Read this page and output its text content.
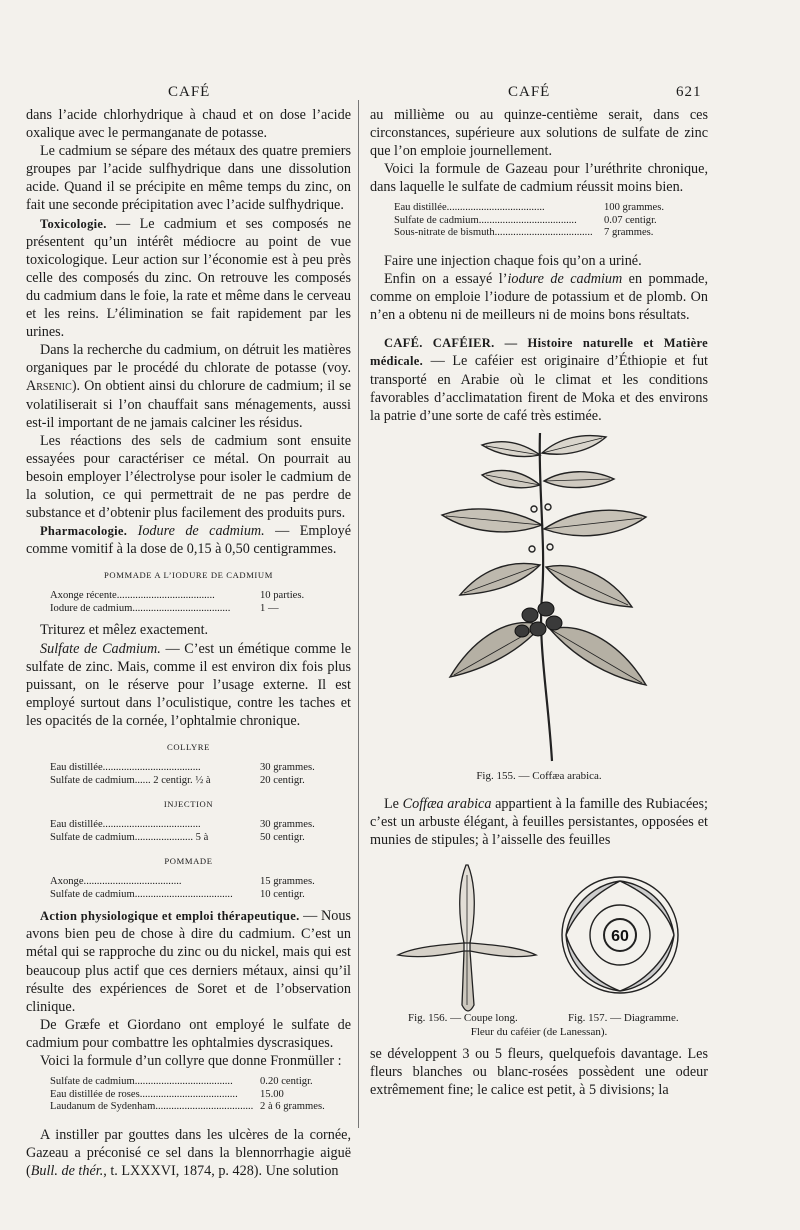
CAFÉ	CAFÉ	621

dans l’acide chlorhydrique à chaud et on dose l’acide oxalique avec le permanganate de potasse.

Le cadmium se sépare des métaux des quatre premiers groupes par l’acide sulfhydrique dans une dissolution acide. Quand il se précipite en même temps du zinc, on fait une seconde précipitation avec l’acide sulfhydrique.

Toxicologie. — Le cadmium et ses composés ne présentent qu’un intérêt médiocre au point de vue toxicologique. Leur action sur l’économie est à peu près celle des composés du zinc. On retrouve les composés du cadmium dans le foie, la rate et même dans le cerveau et les reins. L’élimination se fait rapidement par les urines.

Dans la recherche du cadmium, on détruit les matières organiques par le procédé du chlorate de potasse (voy. Arsenic). On obtient ainsi du chlorure de cadmium; il se volatiliserait si l’on chauffait sans ménagements, aussi est-il important de ne jamais calciner les résidus.

Les réactions des sels de cadmium sont ensuite essayées pour caractériser ce métal. On pourrait au besoin employer l’électrolyse pour isoler le cadmium de la solution, ce qui permettrait de ne pas perdre de substance et d’obtenir plus facilement des produits purs.

Pharmacologie. Iodure de cadmium. — Employé comme vomitif à la dose de 0,15 à 0,50 centigrammes.

POMMADE A L’IODURE DE CADMIUM
Axonge récente.....................................	10 parties.
Iodure de cadmium.....................................	1 —

Triturez et mêlez exactement.

Sulfate de Cadmium. — C’est un émétique comme le sulfate de zinc. Mais, comme il est environ dix fois plus puissant, on le réserve pour l’usage externe. Il est employé surtout dans l’oculistique, contre les taches et les opacités de la cornée, l’ophtalmie chronique.

COLLYRE
Eau distillée.....................................	30 grammes.
Sulfate de cadmium...... 2 centigr. ½ à	20 centigr.
INJECTION
Eau distillée.....................................	30 grammes.
Sulfate de cadmium...................... 5 à	50 centigr.
POMMADE
Axonge.....................................	15 grammes.
Sulfate de cadmium.....................................	10 centigr.

Action physiologique et emploi thérapeutique. — Nous avons bien peu de chose à dire du cadmium. C’est un métal qui se rapproche du zinc ou du nickel, mais qui est beaucoup plus actif que ces derniers métaux, ainsi qu’il résulte des expériences de Soret et de l’observation clinique.

De Græfe et Giordano ont employé le sulfate de cadmium pour combattre les ophtalmies dyscrasiques.

Voici la formule d’un collyre que donne Fronmüller :

Sulfate de cadmium.....................................	0.20 centigr.
Eau distillée de roses.....................................	15.00
Laudanum de Sydenham.....................................	2 à 6 grammes.

A instiller par gouttes dans les ulcères de la cornée, Gazeau a préconisé ce sel dans la blennorrhagie aiguë (Bull. de thér., t. LXXXVI, 1874, p. 428). Une solution

au millième ou au quinze-centième serait, dans ces circonstances, supérieure aux solutions de sulfate de zinc que l’on emploie journellement.

Voici la formule de Gazeau pour l’uréthrite chronique, dans laquelle le sulfate de cadmium réussit moins bien.

Eau distillée.....................................	100 grammes.
Sulfate de cadmium.....................................	0.07 centigr.
Sous-nitrate de bismuth.....................................	7 grammes.

Faire une injection chaque fois qu’on a uriné.

Enfin on a essayé l’iodure de cadmium en pommade, comme on emploie l’iodure de potassium et de plomb. On n’en a obtenu ni de meilleurs ni de moins bons résultats.

CAFÉ. CAFÉIER. — Histoire naturelle et Matière médicale. — Le caféier est originaire d’Éthiopie et fut transporté en Arabie où le climat et les conditions favorables d’acclimatation firent de Moka et des environs la patrie d’une sorte de café très estimée.

Fig. 155. — Coffæa arabica.

Le Coffæa arabica appartient à la famille des Rubiacées; c’est un arbuste élégant, à feuilles persistantes, opposées et munies de stipules; à l’aisselle des feuilles

60
Fig. 156. — Coupe long.	Fig. 157. — Diagramme.
Fleur du caféier (de Lanessan).

se développent 3 ou 5 fleurs, quelquefois davantage. Les fleurs blanches ou blanc-rosées possèdent une odeur extrêmement fine; le calice est petit, à 5 divisions; la
